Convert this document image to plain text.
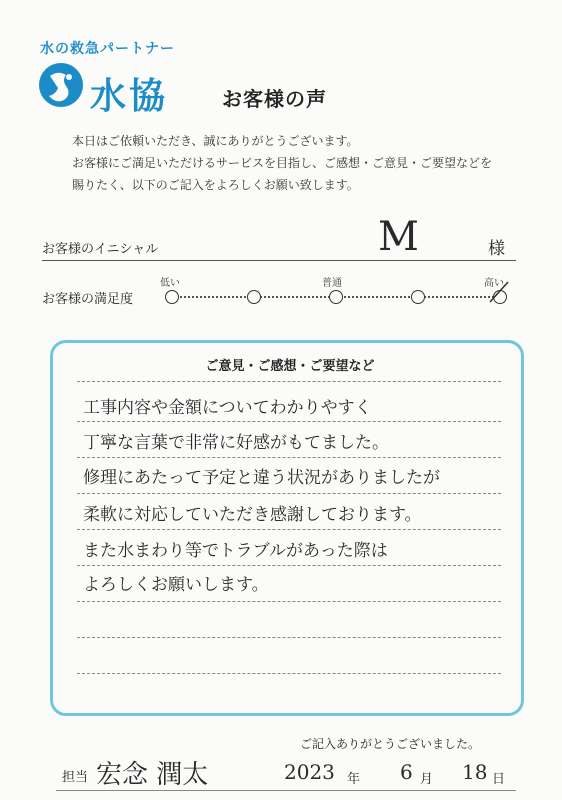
水の救急パートナー
水協	お客様の声
本日はご依頼いただき、誠にありがとうございます。
お客様にご満足いただけるサービスを目指し、ご感想・ご意見・ご要望などを
賜りたく、以下のご記入をよろしくお願い致します。
お客様のイニシャル	M	様
低い	普通	高い
お客様の満足度
ご意見・ご感想・ご要望など
工事内容や金額についてわかりやすく
丁寧な言葉で非常に好感がもてました。
修理にあたって予定と違う状況がありましたが
柔軟に対応していただき感謝しております。
また水まわり等でトラブルがあった際は
よろしくお願いします。
ご記入ありがとうございました。
担当 宏念 潤太	2023 年 6 月 18 日
